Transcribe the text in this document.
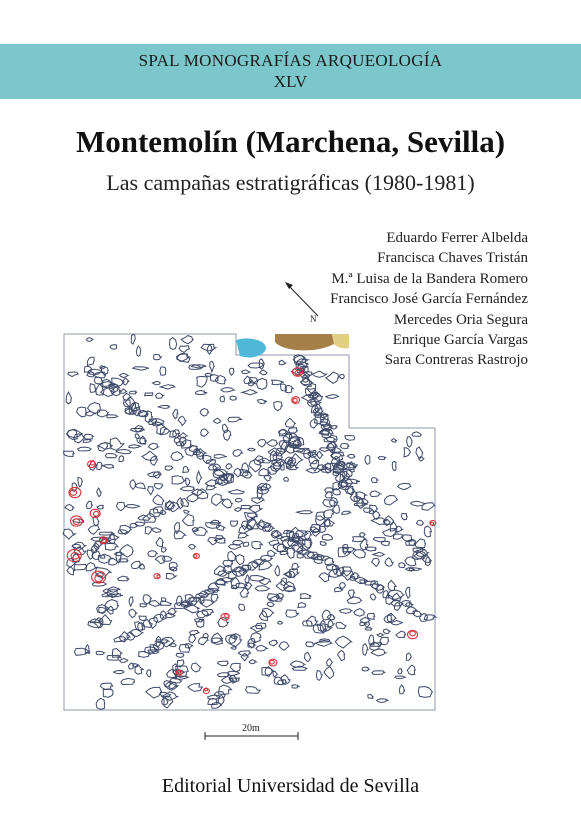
SPAL MONOGRAFÍAS ARQUEOLOGÍA
XLV
Montemolín (Marchena, Sevilla)
Las campañas estratigráficas (1980-1981)
Eduardo Ferrer Albelda
Francisca Chaves Tristán
M.ª Luisa de la Bandera Romero
Francisco José García Fernández
Mercedes Oria Segura
Enrique García Vargas
Sara Contreras Rastrojo
N
20m
Editorial Universidad de Sevilla
